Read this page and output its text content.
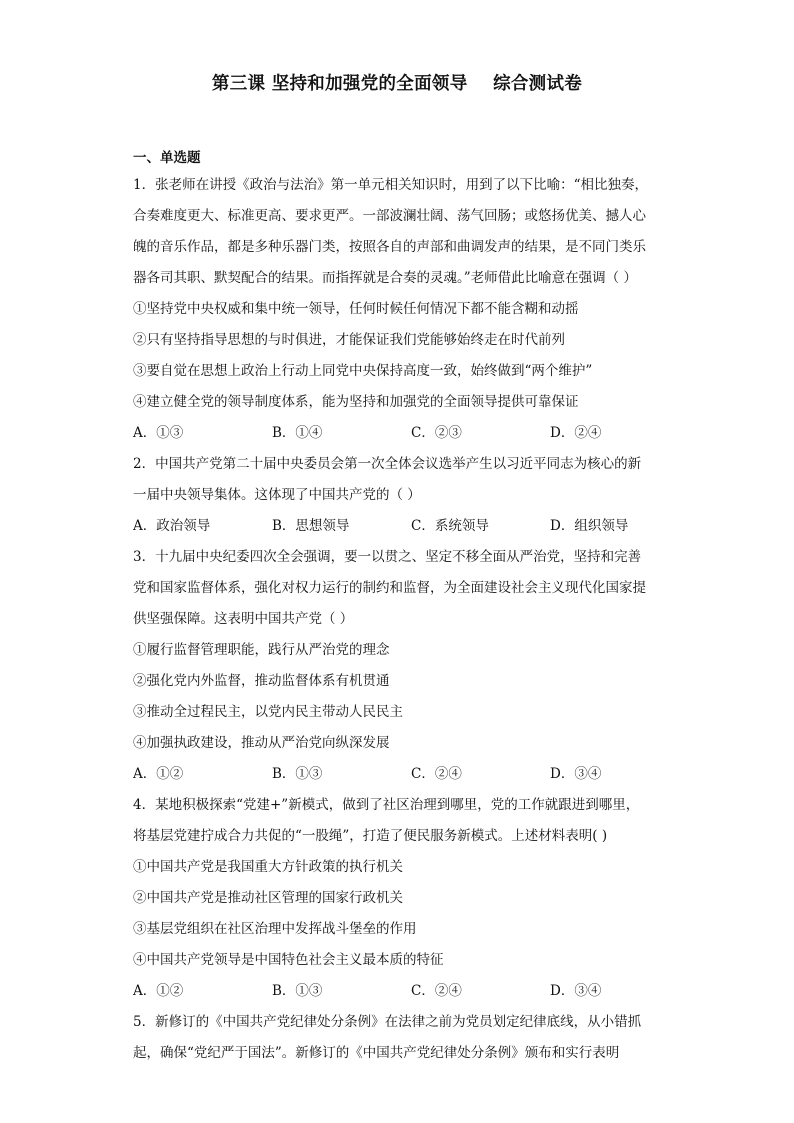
第三课 坚持和加强党的全面领导    综合测试卷
一、单选题
1．张老师在讲授《政治与法治》第一单元相关知识时，用到了以下比喻：“相比独奏，
合奏难度更大、标准更高、要求更严。一部波澜壮阔、荡气回肠；或悠扬优美、撼人心
魄的音乐作品，都是多种乐器门类，按照各自的声部和曲调发声的结果，是不同门类乐
器各司其职、默契配合的结果。而指挥就是合奏的灵魂。”老师借此比喻意在强调（ ）
①坚持党中央权威和集中统一领导，任何时候任何情况下都不能含糊和动摇
②只有坚持指导思想的与时俱进，才能保证我们党能够始终走在时代前列
③要自觉在思想上政治上行动上同党中央保持高度一致，始终做到“两个维护”
④建立健全党的领导制度体系，能为坚持和加强党的全面领导提供可靠保证
A．①③	B．①④	C．②③	D．②④
2．中国共产党第二十届中央委员会第一次全体会议选举产生以习近平同志为核心的新
一届中央领导集体。这体现了中国共产党的（ ）
A．政治领导	B．思想领导	C．系统领导	D．组织领导
3．十九届中央纪委四次全会强调，要一以贯之、坚定不移全面从严治党，坚持和完善
党和国家监督体系，强化对权力运行的制约和监督，为全面建设社会主义现代化国家提
供坚强保障。这表明中国共产党（ ）
①履行监督管理职能，践行从严治党的理念
②强化党内外监督，推动监督体系有机贯通
③推动全过程民主，以党内民主带动人民民主
④加强执政建设，推动从严治党向纵深发展
A．①②	B．①③	C．②④	D．③④
4．某地积极探索“党建+”新模式，做到了社区治理到哪里，党的工作就跟进到哪里，
将基层党建拧成合力共促的“一股绳”，打造了便民服务新模式。上述材料表明( )
①中国共产党是我国重大方针政策的执行机关
②中国共产党是推动社区管理的国家行政机关
③基层党组织在社区治理中发挥战斗堡垒的作用
④中国共产党领导是中国特色社会主义最本质的特征
A．①②	B．①③	C．②④	D．③④
5．新修订的《中国共产党纪律处分条例》在法律之前为党员划定纪律底线，从小错抓
起，确保“党纪严于国法”。新修订的《中国共产党纪律处分条例》颁布和实行表明
